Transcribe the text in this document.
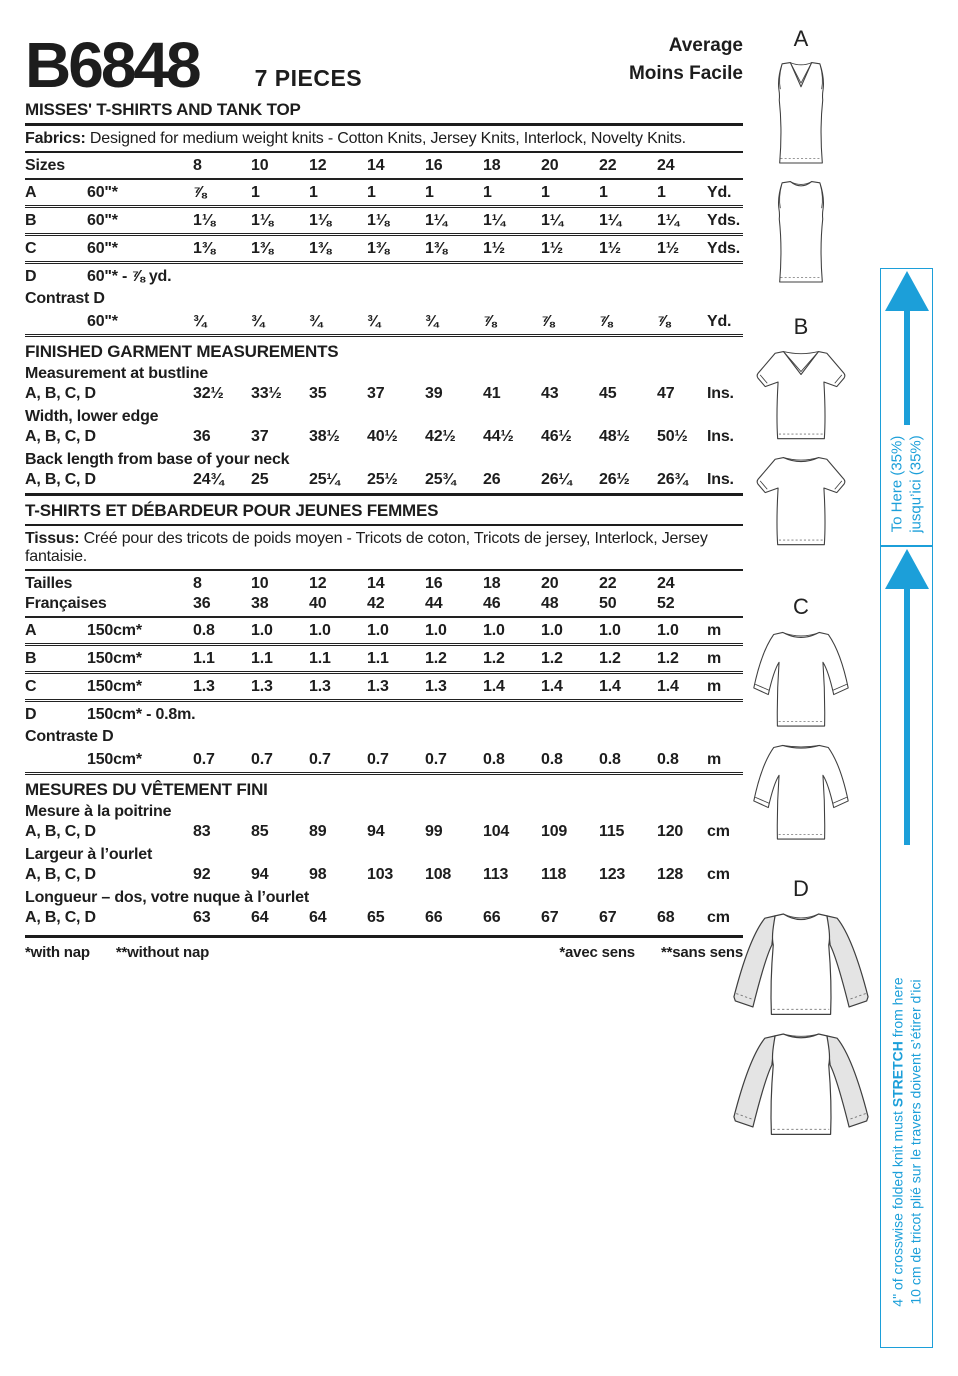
B6848 7 PIECES
Average
Moins Facile
MISSES' T-SHIRTS AND TANK TOP
Fabrics: Designed for medium weight knits - Cotton Knits, Jersey Knits, Interlock, Novelty Knits.
Sizes	8	10	12	14	16	18	20	22	24
A	60"*	⅞	1	1	1	1	1	1	1	1	Yd.
B	60"*	1⅛	1⅛	1⅛	1⅛	1¼	1¼	1¼	1¼	1¼	Yds.
C	60"*	1⅜	1⅜	1⅜	1⅜	1⅜	1½	1½	1½	1½	Yds.
D	60"* - ⅞ yd.
Contrast D
60"*	¾	¾	¾	¾	¾	⅞	⅞	⅞	⅞	Yd.
FINISHED GARMENT MEASUREMENTS
Measurement at bustline
A, B, C, D	32½	33½	35	37	39	41	43	45	47	Ins.
Width, lower edge
A, B, C, D	36	37	38½	40½	42½	44½	46½	48½	50½	Ins.
Back length from base of your neck
A, B, C, D	24¾	25	25¼	25½	25¾	26	26¼	26½	26¾	Ins.
T-SHIRTS ET DÉBARDEUR POUR JEUNES FEMMES
Tissus: Créé pour des tricots de poids moyen - Tricots de coton, Tricots de jersey, Interlock, Jersey fantaisie.
Tailles	8	10	12	14	16	18	20	22	24
Françaises	36	38	40	42	44	46	48	50	52
A	150cm*	0.8	1.0	1.0	1.0	1.0	1.0	1.0	1.0	1.0	m
B	150cm*	1.1	1.1	1.1	1.1	1.2	1.2	1.2	1.2	1.2	m
C	150cm*	1.3	1.3	1.3	1.3	1.3	1.4	1.4	1.4	1.4	m
D	150cm* - 0.8m.
Contraste D
150cm*	0.7	0.7	0.7	0.7	0.7	0.8	0.8	0.8	0.8	m
MESURES DU VÊTEMENT FINI
Mesure à la poitrine
A, B, C, D	83	85	89	94	99	104	109	115	120	cm
Largeur à l’ourlet
A, B, C, D	92	94	98	103	108	113	118	123	128	cm
Longueur – dos, votre nuque à l’ourlet
A, B, C, D	63	64	64	65	66	66	67	67	68	cm
*with nap **without nap	*avec sens **sans sens
A
B
C
D
To Here (35%) jusqu’ici (35%)
4" of crosswise folded knit must STRETCH from here 10 cm de tricot plié sur le travers doivent s’étirer d’ici
